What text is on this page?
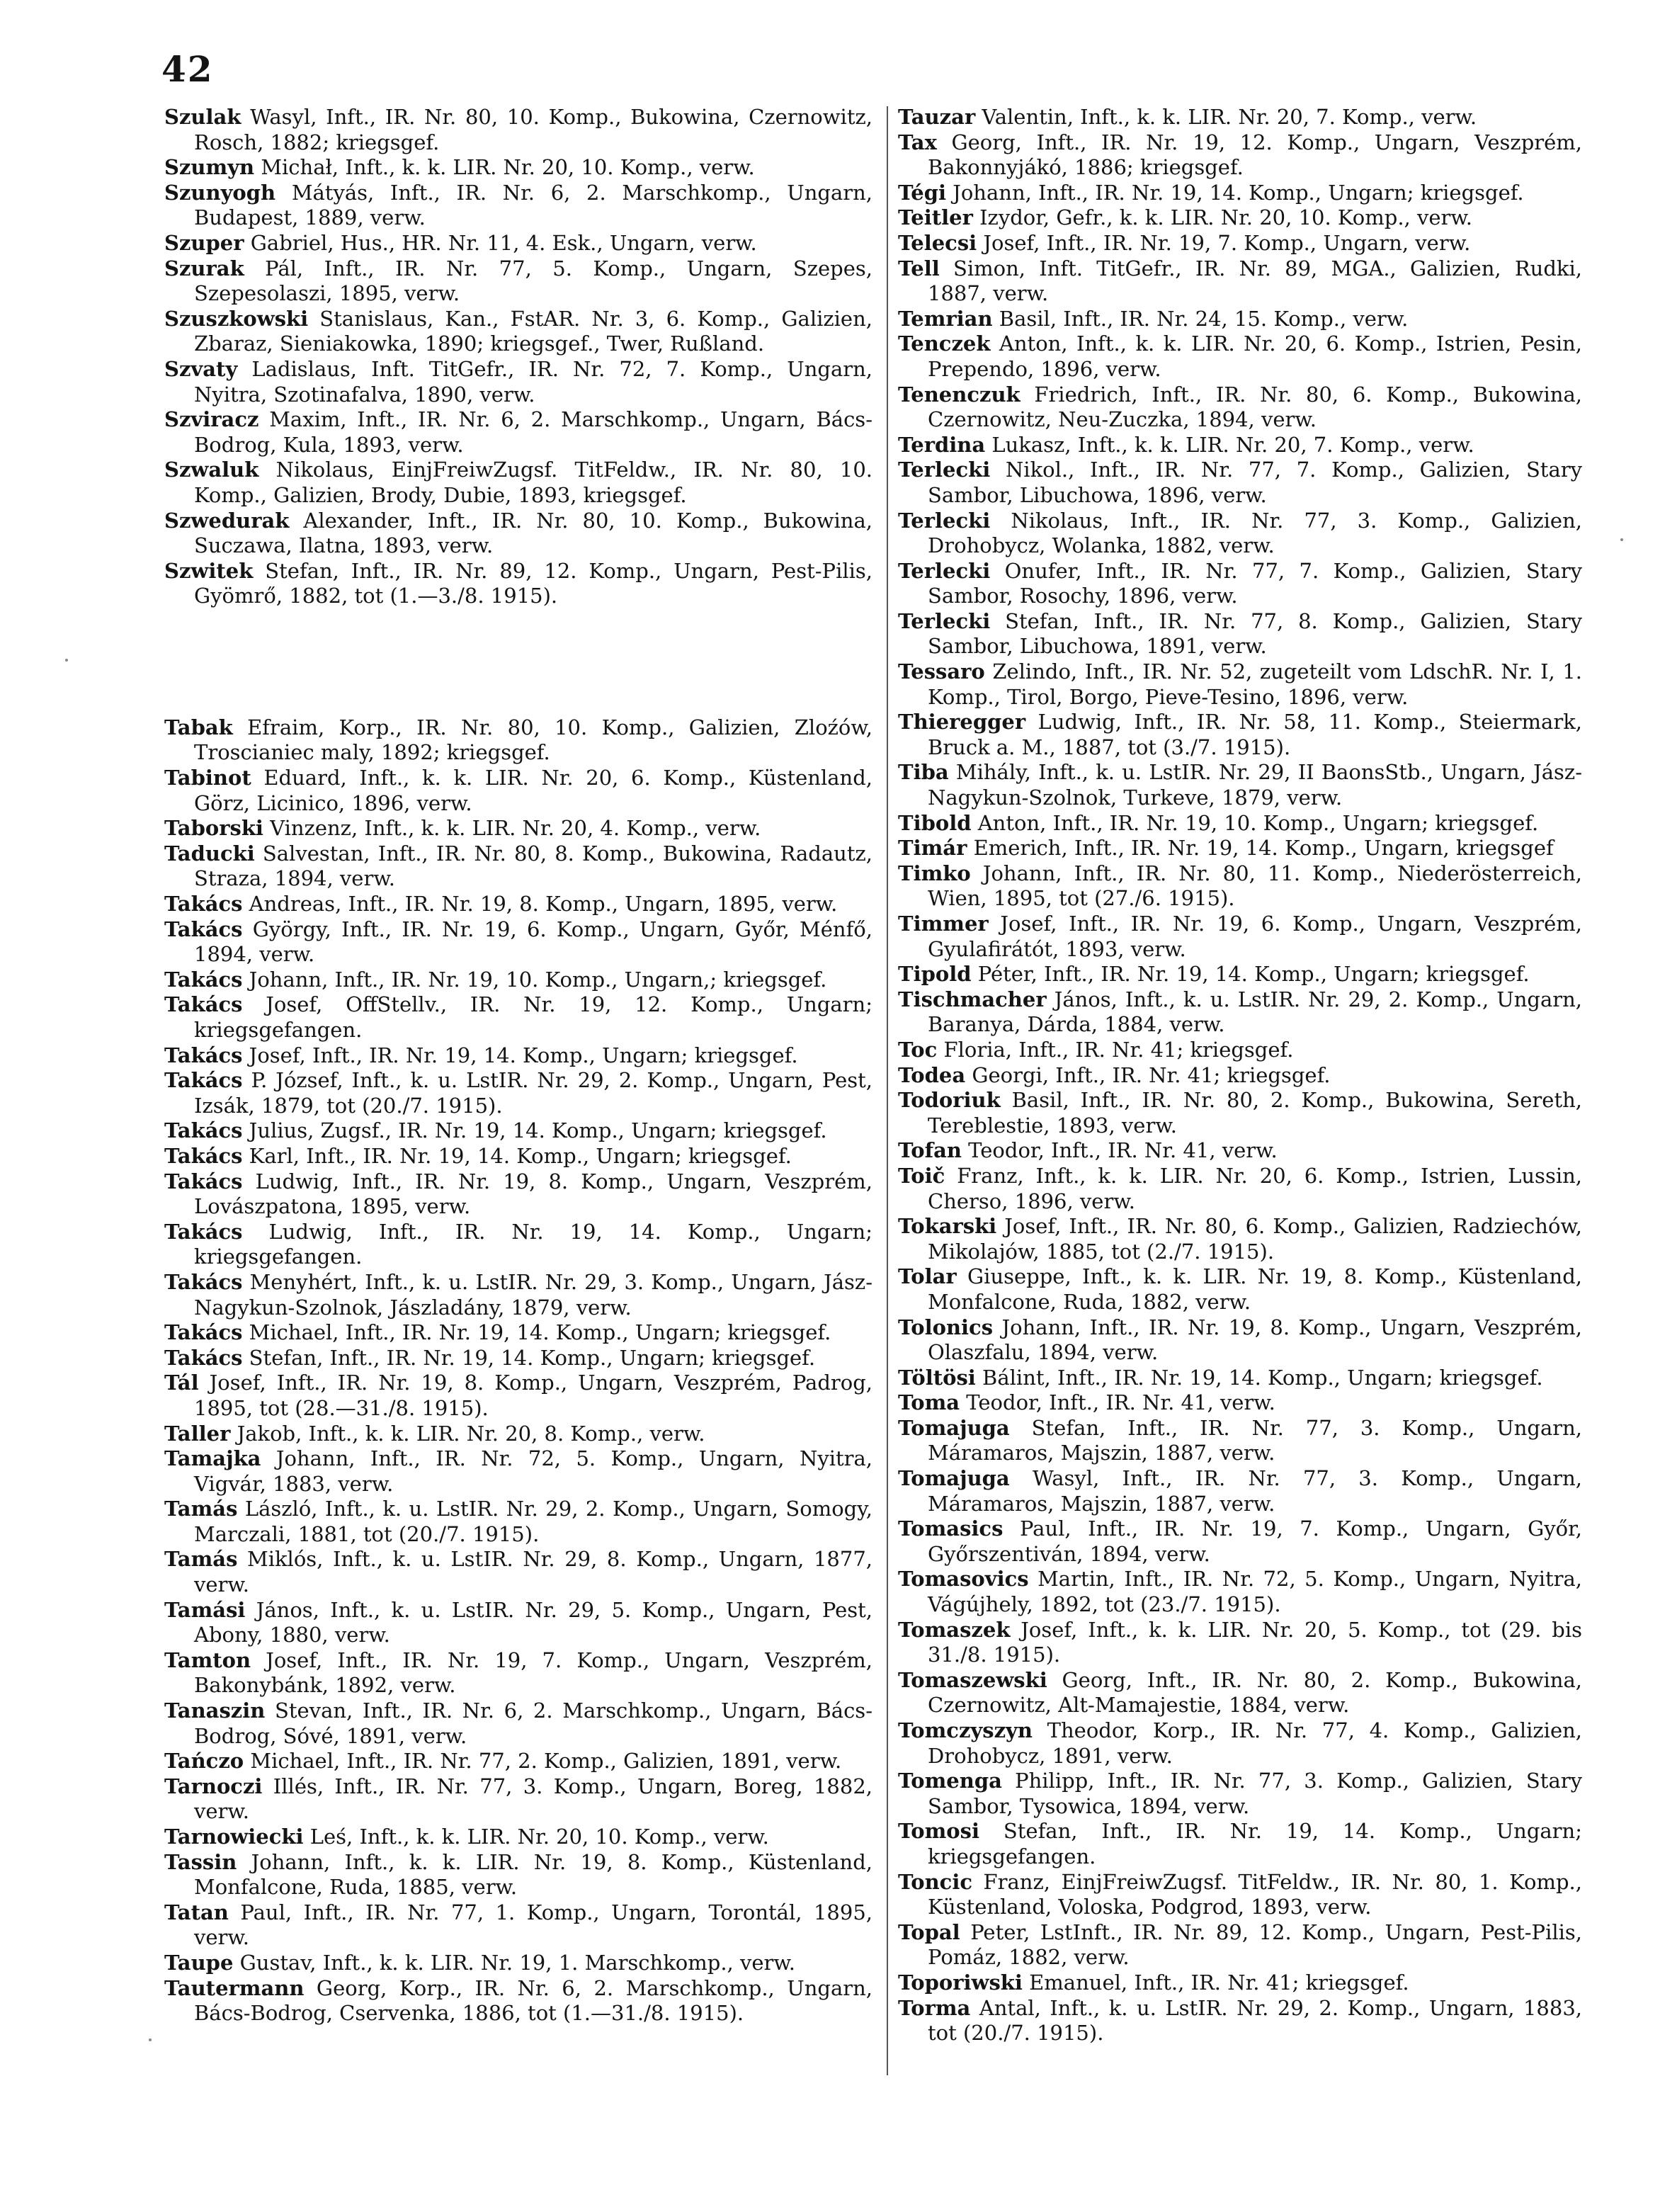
42
Szulak Wasyl, Inft., IR. Nr. 80, 10. Komp., Bukowina, Czernowitz, Rosch, 1882; kriegsgef.
Szumyn Michał, Inft., k. k. LIR. Nr. 20, 10. Komp., verw.
Szunyogh Mátyás, Inft., IR. Nr. 6, 2. Marschkomp., Ungarn, Budapest, 1889, verw.
Szuper Gabriel, Hus., HR. Nr. 11, 4. Esk., Ungarn, verw.
Szurak Pál, Inft., IR. Nr. 77, 5. Komp., Ungarn, Szepes, Szepesolaszi, 1895, verw.
Szuszkowski Stanislaus, Kan., FstAR. Nr. 3, 6. Komp., Galizien, Zbaraz, Sieniakowka, 1890; kriegsgef., Twer, Rußland.
Szvaty Ladislaus, Inft. TitGefr., IR. Nr. 72, 7. Komp., Ungarn, Nyitra, Szotinafalva, 1890, verw.
Szviracz Maxim, Inft., IR. Nr. 6, 2. Marschkomp., Ungarn, Bács-Bodrog, Kula, 1893, verw.
Szwaluk Nikolaus, EinjFreiwZugsf. TitFeldw., IR. Nr. 80, 10. Komp., Galizien, Brody, Dubie, 1893, kriegsgef.
Szwedurak Alexander, Inft., IR. Nr. 80, 10. Komp., Bukowina, Suczawa, Ilatna, 1893, verw.
Szwitek Stefan, Inft., IR. Nr. 89, 12. Komp., Ungarn, Pest-Pilis, Gyömrő, 1882, tot (1.—3./8. 1915).
Tabak Efraim, Korp., IR. Nr. 80, 10. Komp., Galizien, Zloźów, Troscianiec maly, 1892; kriegsgef.
Tabinot Eduard, Inft., k. k. LIR. Nr. 20, 6. Komp., Küstenland, Görz, Licinico, 1896, verw.
Taborski Vinzenz, Inft., k. k. LIR. Nr. 20, 4. Komp., verw.
Taducki Salvestan, Inft., IR. Nr. 80, 8. Komp., Bukowina, Radautz, Straza, 1894, verw.
Takács Andreas, Inft., IR. Nr. 19, 8. Komp., Ungarn, 1895, verw.
Takács György, Inft., IR. Nr. 19, 6. Komp., Ungarn, Győr, Ménfő, 1894, verw.
Takács Johann, Inft., IR. Nr. 19, 10. Komp., Ungarn,; kriegsgef.
Takács Josef, OffStellv., IR. Nr. 19, 12. Komp., Ungarn; kriegsgefangen.
Takács Josef, Inft., IR. Nr. 19, 14. Komp., Ungarn; kriegsgef.
Takács P. József, Inft., k. u. LstIR. Nr. 29, 2. Komp., Ungarn, Pest, Izsák, 1879, tot (20./7. 1915).
Takács Julius, Zugsf., IR. Nr. 19, 14. Komp., Ungarn; kriegsgef.
Takács Karl, Inft., IR. Nr. 19, 14. Komp., Ungarn; kriegsgef.
Takács Ludwig, Inft., IR. Nr. 19, 8. Komp., Ungarn, Veszprém, Lovászpatona, 1895, verw.
Takács Ludwig, Inft., IR. Nr. 19, 14. Komp., Ungarn; kriegsgefangen.
Takács Menyhért, Inft., k. u. LstIR. Nr. 29, 3. Komp., Ungarn, Jász-Nagykun-Szolnok, Jászladány, 1879, verw.
Takács Michael, Inft., IR. Nr. 19, 14. Komp., Ungarn; kriegsgef.
Takács Stefan, Inft., IR. Nr. 19, 14. Komp., Ungarn; kriegsgef.
Tál Josef, Inft., IR. Nr. 19, 8. Komp., Ungarn, Veszprém, Padrog, 1895, tot (28.—31./8. 1915).
Taller Jakob, Inft., k. k. LIR. Nr. 20, 8. Komp., verw.
Tamajka Johann, Inft., IR. Nr. 72, 5. Komp., Ungarn, Nyitra, Vigvár, 1883, verw.
Tamás László, Inft., k. u. LstIR. Nr. 29, 2. Komp., Ungarn, Somogy, Marczali, 1881, tot (20./7. 1915).
Tamás Miklós, Inft., k. u. LstIR. Nr. 29, 8. Komp., Ungarn, 1877, verw.
Tamási János, Inft., k. u. LstIR. Nr. 29, 5. Komp., Ungarn, Pest, Abony, 1880, verw.
Tamton Josef, Inft., IR. Nr. 19, 7. Komp., Ungarn, Veszprém, Bakonybánk, 1892, verw.
Tanaszin Stevan, Inft., IR. Nr. 6, 2. Marschkomp., Ungarn, Bács-Bodrog, Sóvé, 1891, verw.
Tańczo Michael, Inft., IR. Nr. 77, 2. Komp., Galizien, 1891, verw.
Tarnoczi Illés, Inft., IR. Nr. 77, 3. Komp., Ungarn, Boreg, 1882, verw.
Tarnowiecki Leś, Inft., k. k. LIR. Nr. 20, 10. Komp., verw.
Tassin Johann, Inft., k. k. LIR. Nr. 19, 8. Komp., Küstenland, Monfalcone, Ruda, 1885, verw.
Tatan Paul, Inft., IR. Nr. 77, 1. Komp., Ungarn, Torontál, 1895, verw.
Taupe Gustav, Inft., k. k. LIR. Nr. 19, 1. Marschkomp., verw.
Tautermann Georg, Korp., IR. Nr. 6, 2. Marschkomp., Ungarn, Bács-Bodrog, Cservenka, 1886, tot (1.—31./8. 1915).
Tauzar Valentin, Inft., k. k. LIR. Nr. 20, 7. Komp., verw.
Tax Georg, Inft., IR. Nr. 19, 12. Komp., Ungarn, Veszprém, Bakonnyjákó, 1886; kriegsgef.
Tégi Johann, Inft., IR. Nr. 19, 14. Komp., Ungarn; kriegsgef.
Teitler Izydor, Gefr., k. k. LIR. Nr. 20, 10. Komp., verw.
Telecsi Josef, Inft., IR. Nr. 19, 7. Komp., Ungarn, verw.
Tell Simon, Inft. TitGefr., IR. Nr. 89, MGA., Galizien, Rudki, 1887, verw.
Temrian Basil, Inft., IR. Nr. 24, 15. Komp., verw.
Tenczek Anton, Inft., k. k. LIR. Nr. 20, 6. Komp., Istrien, Pesin, Prependo, 1896, verw.
Tenenczuk Friedrich, Inft., IR. Nr. 80, 6. Komp., Bukowina, Czernowitz, Neu-Zuczka, 1894, verw.
Terdina Lukasz, Inft., k. k. LIR. Nr. 20, 7. Komp., verw.
Terlecki Nikol., Inft., IR. Nr. 77, 7. Komp., Galizien, Stary Sambor, Libuchowa, 1896, verw.
Terlecki Nikolaus, Inft., IR. Nr. 77, 3. Komp., Galizien, Drohobycz, Wolanka, 1882, verw.
Terlecki Onufer, Inft., IR. Nr. 77, 7. Komp., Galizien, Stary Sambor, Rosochy, 1896, verw.
Terlecki Stefan, Inft., IR. Nr. 77, 8. Komp., Galizien, Stary Sambor, Libuchowa, 1891, verw.
Tessaro Zelindo, Inft., IR. Nr. 52, zugeteilt vom LdschR. Nr. I, 1. Komp., Tirol, Borgo, Pieve-Tesino, 1896, verw.
Thieregger Ludwig, Inft., IR. Nr. 58, 11. Komp., Steiermark, Bruck a. M., 1887, tot (3./7. 1915).
Tiba Mihály, Inft., k. u. LstIR. Nr. 29, II BaonsStb., Ungarn, Jász-Nagykun-Szolnok, Turkeve, 1879, verw.
Tibold Anton, Inft., IR. Nr. 19, 10. Komp., Ungarn; kriegsgef.
Timár Emerich, Inft., IR. Nr. 19, 14. Komp., Ungarn, kriegsgef
Timko Johann, Inft., IR. Nr. 80, 11. Komp., Niederösterreich, Wien, 1895, tot (27./6. 1915).
Timmer Josef, Inft., IR. Nr. 19, 6. Komp., Ungarn, Veszprém, Gyulafirátót, 1893, verw.
Tipold Péter, Inft., IR. Nr. 19, 14. Komp., Ungarn; kriegsgef.
Tischmacher János, Inft., k. u. LstIR. Nr. 29, 2. Komp., Ungarn, Baranya, Dárda, 1884, verw.
Toc Floria, Inft., IR. Nr. 41; kriegsgef.
Todea Georgi, Inft., IR. Nr. 41; kriegsgef.
Todoriuk Basil, Inft., IR. Nr. 80, 2. Komp., Bukowina, Sereth, Tereblestie, 1893, verw.
Tofan Teodor, Inft., IR. Nr. 41, verw.
Toič Franz, Inft., k. k. LIR. Nr. 20, 6. Komp., Istrien, Lussin, Cherso, 1896, verw.
Tokarski Josef, Inft., IR. Nr. 80, 6. Komp., Galizien, Radziechów, Mikolajów, 1885, tot (2./7. 1915).
Tolar Giuseppe, Inft., k. k. LIR. Nr. 19, 8. Komp., Küstenland, Monfalcone, Ruda, 1882, verw.
Tolonics Johann, Inft., IR. Nr. 19, 8. Komp., Ungarn, Veszprém, Olaszfalu, 1894, verw.
Töltösi Bálint, Inft., IR. Nr. 19, 14. Komp., Ungarn; kriegsgef.
Toma Teodor, Inft., IR. Nr. 41, verw.
Tomajuga Stefan, Inft., IR. Nr. 77, 3. Komp., Ungarn, Máramaros, Majszin, 1887, verw.
Tomajuga Wasyl, Inft., IR. Nr. 77, 3. Komp., Ungarn, Máramaros, Majszin, 1887, verw.
Tomasics Paul, Inft., IR. Nr. 19, 7. Komp., Ungarn, Győr, Győrszentiván, 1894, verw.
Tomasovics Martin, Inft., IR. Nr. 72, 5. Komp., Ungarn, Nyitra, Vágújhely, 1892, tot (23./7. 1915).
Tomaszek Josef, Inft., k. k. LIR. Nr. 20, 5. Komp., tot (29. bis 31./8. 1915).
Tomaszewski Georg, Inft., IR. Nr. 80, 2. Komp., Bukowina, Czernowitz, Alt-Mamajestie, 1884, verw.
Tomczyszyn Theodor, Korp., IR. Nr. 77, 4. Komp., Galizien, Drohobycz, 1891, verw.
Tomenga Philipp, Inft., IR. Nr. 77, 3. Komp., Galizien, Stary Sambor, Tysowica, 1894, verw.
Tomosi Stefan, Inft., IR. Nr. 19, 14. Komp., Ungarn; kriegsgefangen.
Toncic Franz, EinjFreiwZugsf. TitFeldw., IR. Nr. 80, 1. Komp., Küstenland, Voloska, Podgrod, 1893, verw.
Topal Peter, LstInft., IR. Nr. 89, 12. Komp., Ungarn, Pest-Pilis, Pomáz, 1882, verw.
Toporiwski Emanuel, Inft., IR. Nr. 41; kriegsgef.
Torma Antal, Inft., k. u. LstIR. Nr. 29, 2. Komp., Ungarn, 1883, tot (20./7. 1915).
